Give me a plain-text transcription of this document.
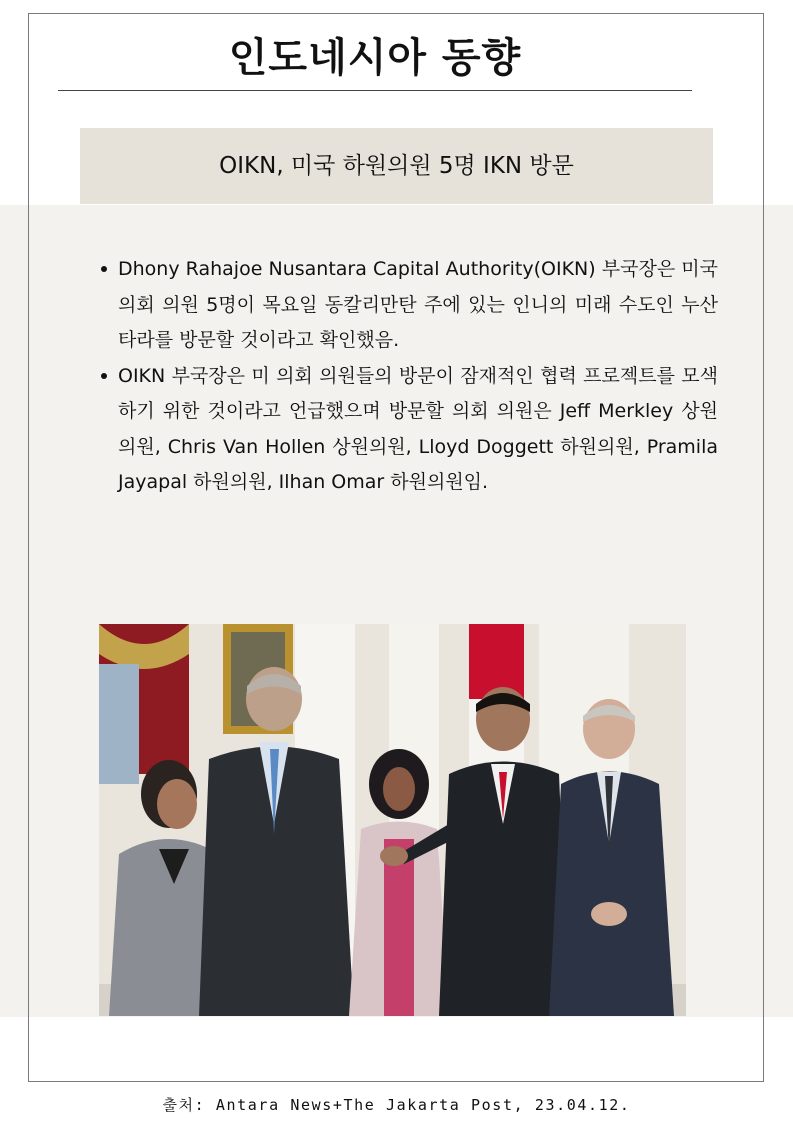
인도네시아 동향
OIKN, 미국 하원의원 5명 IKN 방문
Dhony Rahajoe Nusantara Capital Authority(OIKN) 부국장은 미국 의회 의원 5명이 목요일 동칼리만탄 주에 있는 인니의 미래 수도인 누산타라를 방문할 것이라고 확인했음.
OIKN 부국장은 미 의회 의원들의 방문이 잠재적인 협력 프로젝트를 모색하기 위한 것이라고 언급했으며 방문할 의회 의원은 Jeff Merkley 상원의원, Chris Van Hollen 상원의원, Lloyd Doggett 하원의원, Pramila Jayapal 하원의원, Ilhan Omar 하원의원임.
출처: Antara News+The Jakarta Post, 23.04.12.
